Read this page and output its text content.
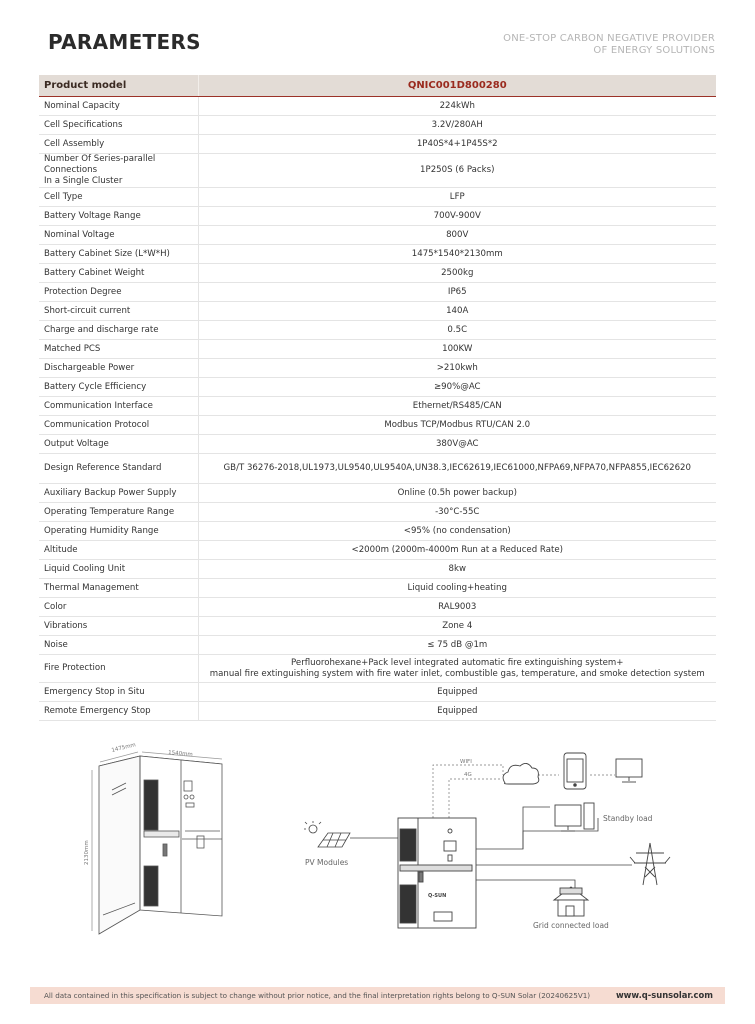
PARAMETERS	ONE-STOP CARBON NEGATIVE PROVIDER
OF ENERGY SOLUTIONS
Product model	QNIC001D800280
Nominal Capacity	224kWh
Cell Specifications	3.2V/280AH
Cell Assembly	1P40S*4+1P45S*2
Number Of Series-parallel Connections
In a Single Cluster	1P250S (6 Packs)
Cell Type	LFP
Battery Voltage Range	700V-900V
Nominal Voltage	800V
Battery Cabinet Size (L*W*H)	1475*1540*2130mm
Battery Cabinet Weight	2500kg
Protection Degree	IP65
Short-circuit current	140A
Charge and discharge rate	0.5C
Matched PCS	100KW
Dischargeable Power	>210kwh
Battery Cycle Efficiency	≥90%@AC
Communication Interface	Ethernet/RS485/CAN
Communication Protocol	Modbus TCP/Modbus RTU/CAN 2.0
Output Voltage	380V@AC
Design Reference Standard	GB/T 36276-2018,UL1973,UL9540,UL9540A,UN38.3,IEC62619,IEC61000,NFPA69,NFPA70,NFPA855,IEC62620
Auxiliary Backup Power Supply	Online (0.5h power backup)
Operating Temperature Range	-30°C-55C
Operating Humidity Range	<95% (no condensation)
Altitude	<2000m (2000m-4000m Run at a Reduced Rate)
Liquid Cooling Unit	8kw
Thermal Management	Liquid cooling+heating
Color	RAL9003
Vibrations	Zone 4
Noise	≤ 75 dB @1m
Fire Protection	Perfluorohexane+Pack level integrated automatic fire extinguishing system+
manual fire extinguishing system with fire water inlet, combustible gas, temperature, and smoke detection system
Emergency Stop in Situ	Equipped
Remote Emergency Stop	Equipped
1475mm
1540mm
2130mm
WIFI
4G
Standby load
Grid connected load
PV Modules
Q-SUN
All data contained in this specification is subject to change without prior notice, and the final interpretation rights belong to Q-SUN Solar (20240625V1)	www.q-sunsolar.com
